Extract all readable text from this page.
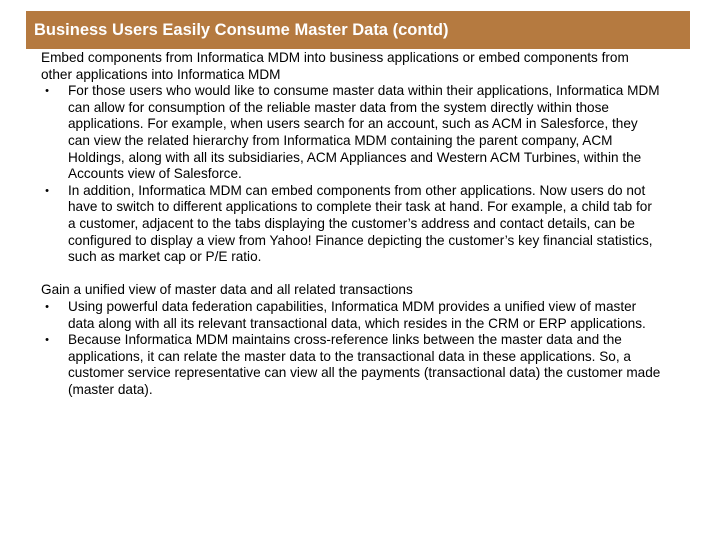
Business Users Easily Consume Master Data (contd)

Embed components from Informatica MDM into business applications or embed components from other applications into Informatica MDM

• For those users who would like to consume master data within their applications, Informatica MDM can allow for consumption of the reliable master data from the system directly within those applications. For example, when users search for an account, such as ACM in Salesforce, they can view the related hierarchy from Informatica MDM containing the parent company, ACM Holdings, along with all its subsidiaries, ACM Appliances and Western ACM Turbines, within the Accounts view of Salesforce.
• In addition, Informatica MDM can embed components from other applications. Now users do not have to switch to different applications to complete their task at hand. For example, a child tab for a customer, adjacent to the tabs displaying the customer’s address and contact details, can be configured to display a view from Yahoo! Finance depicting the customer’s key financial statistics, such as market cap or P/E ratio.

Gain a unified view of master data and all related transactions

• Using powerful data federation capabilities, Informatica MDM provides a unified view of master data along with all its relevant transactional data, which resides in the CRM or ERP applications.
• Because Informatica MDM maintains cross-reference links between the master data and the applications, it can relate the master data to the transactional data in these applications. So, a customer service representative can view all the payments (transactional data) the customer made (master data).
